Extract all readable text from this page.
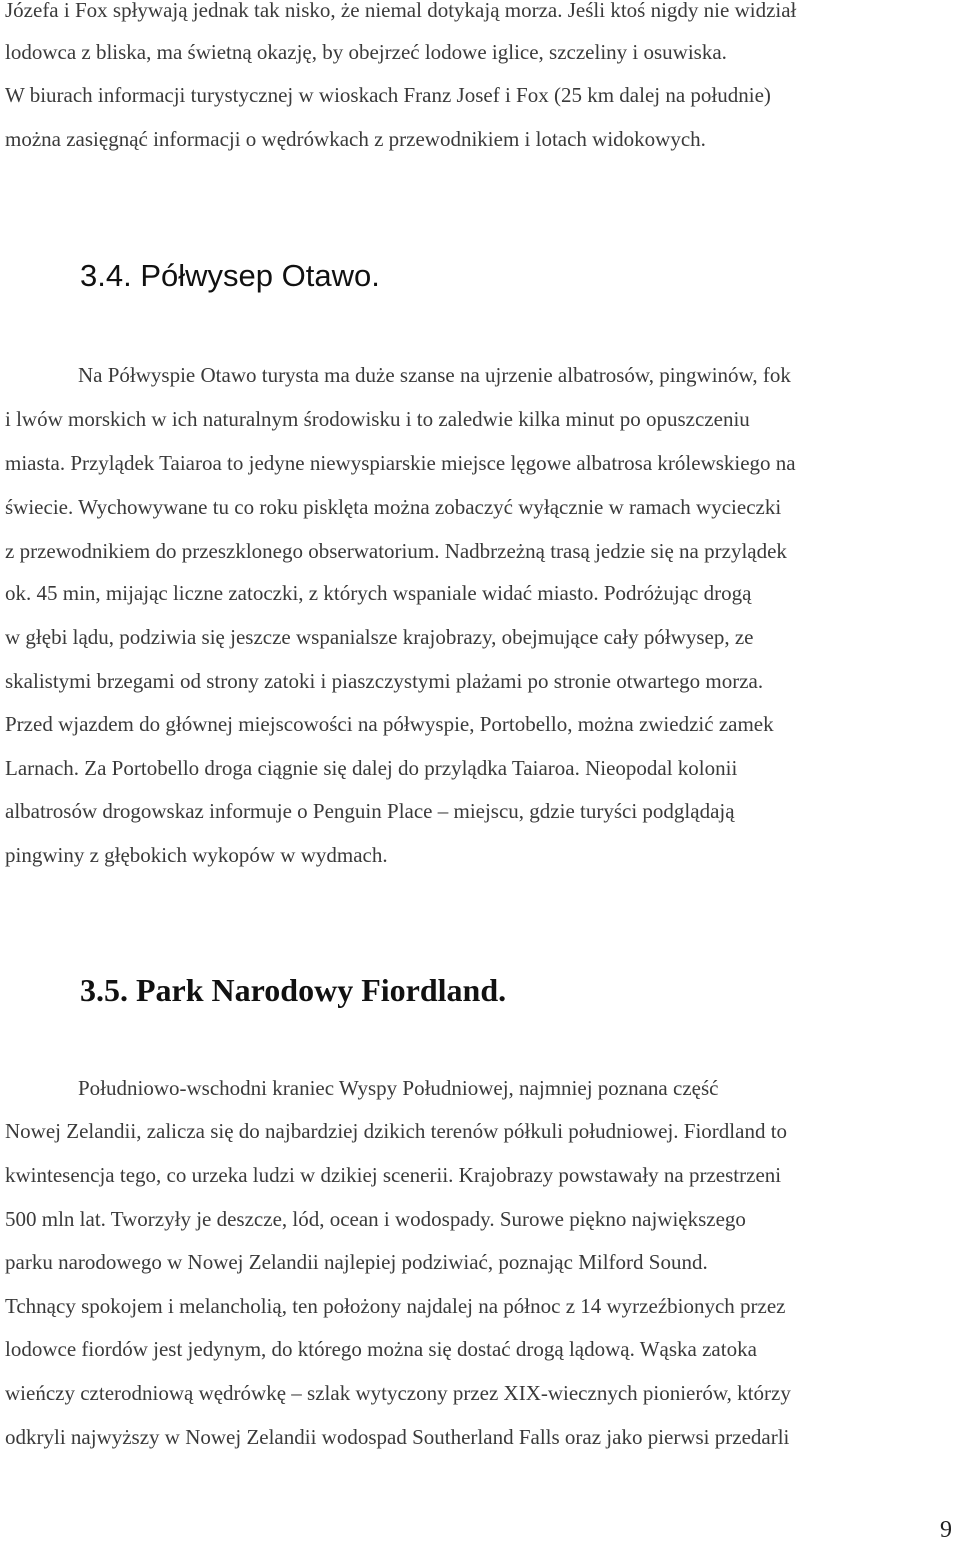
Józefa i Fox spływają jednak tak nisko, że niemal dotykają morza. Jeśli ktoś nigdy nie widział
lodowca z bliska, ma świetną okazję, by obejrzeć lodowe iglice, szczeliny i osuwiska.
W biurach informacji turystycznej w wioskach Franz Josef i Fox (25 km dalej na południe)
można zasięgnąć informacji o wędrówkach z przewodnikiem i lotach widokowych.
3.4. Półwysep Otawo.
Na Półwyspie Otawo turysta ma duże szanse na ujrzenie albatrosów, pingwinów, fok
i lwów morskich w ich naturalnym środowisku i to zaledwie kilka minut po opuszczeniu
miasta. Przylądek Taiaroa to jedyne niewyspiarskie miejsce lęgowe albatrosa królewskiego na
świecie. Wychowywane tu co roku pisklęta można zobaczyć wyłącznie w ramach wycieczki
z przewodnikiem do przeszklonego obserwatorium. Nadbrzeżną trasą jedzie się na przylądek
ok. 45 min, mijając liczne zatoczki, z których wspaniale widać miasto. Podróżując drogą
w głębi lądu, podziwia się jeszcze wspanialsze krajobrazy, obejmujące cały półwysep, ze
skalistymi brzegami od strony zatoki i piaszczystymi plażami po stronie otwartego morza.
Przed wjazdem do głównej miejscowości na półwyspie, Portobello, można zwiedzić zamek
Larnach. Za Portobello droga ciągnie się dalej do przylądka Taiaroa. Nieopodal kolonii
albatrosów drogowskaz informuje o Penguin Place – miejscu, gdzie turyści podglądają
pingwiny z głębokich wykopów w wydmach.
3.5. Park Narodowy Fiordland.
Południowo-wschodni kraniec Wyspy Południowej, najmniej poznana część
Nowej Zelandii, zalicza się do najbardziej dzikich terenów półkuli południowej. Fiordland to
kwintesencja tego, co urzeka ludzi w dzikiej scenerii. Krajobrazy powstawały na przestrzeni
500 mln lat. Tworzyły je deszcze, lód, ocean i wodospady. Surowe piękno największego
parku narodowego w Nowej Zelandii najlepiej podziwiać, poznając Milford Sound.
Tchnący spokojem i melancholią, ten położony najdalej na północ z 14 wyrzeźbionych przez
lodowce fiordów jest jedynym, do którego można się dostać drogą lądową. Wąska zatoka
wieńczy czterodniową wędrówkę – szlak wytyczony przez XIX-wiecznych pionierów, którzy
odkryli najwyższy w Nowej Zelandii wodospad Southerland Falls oraz jako pierwsi przedarli
9
